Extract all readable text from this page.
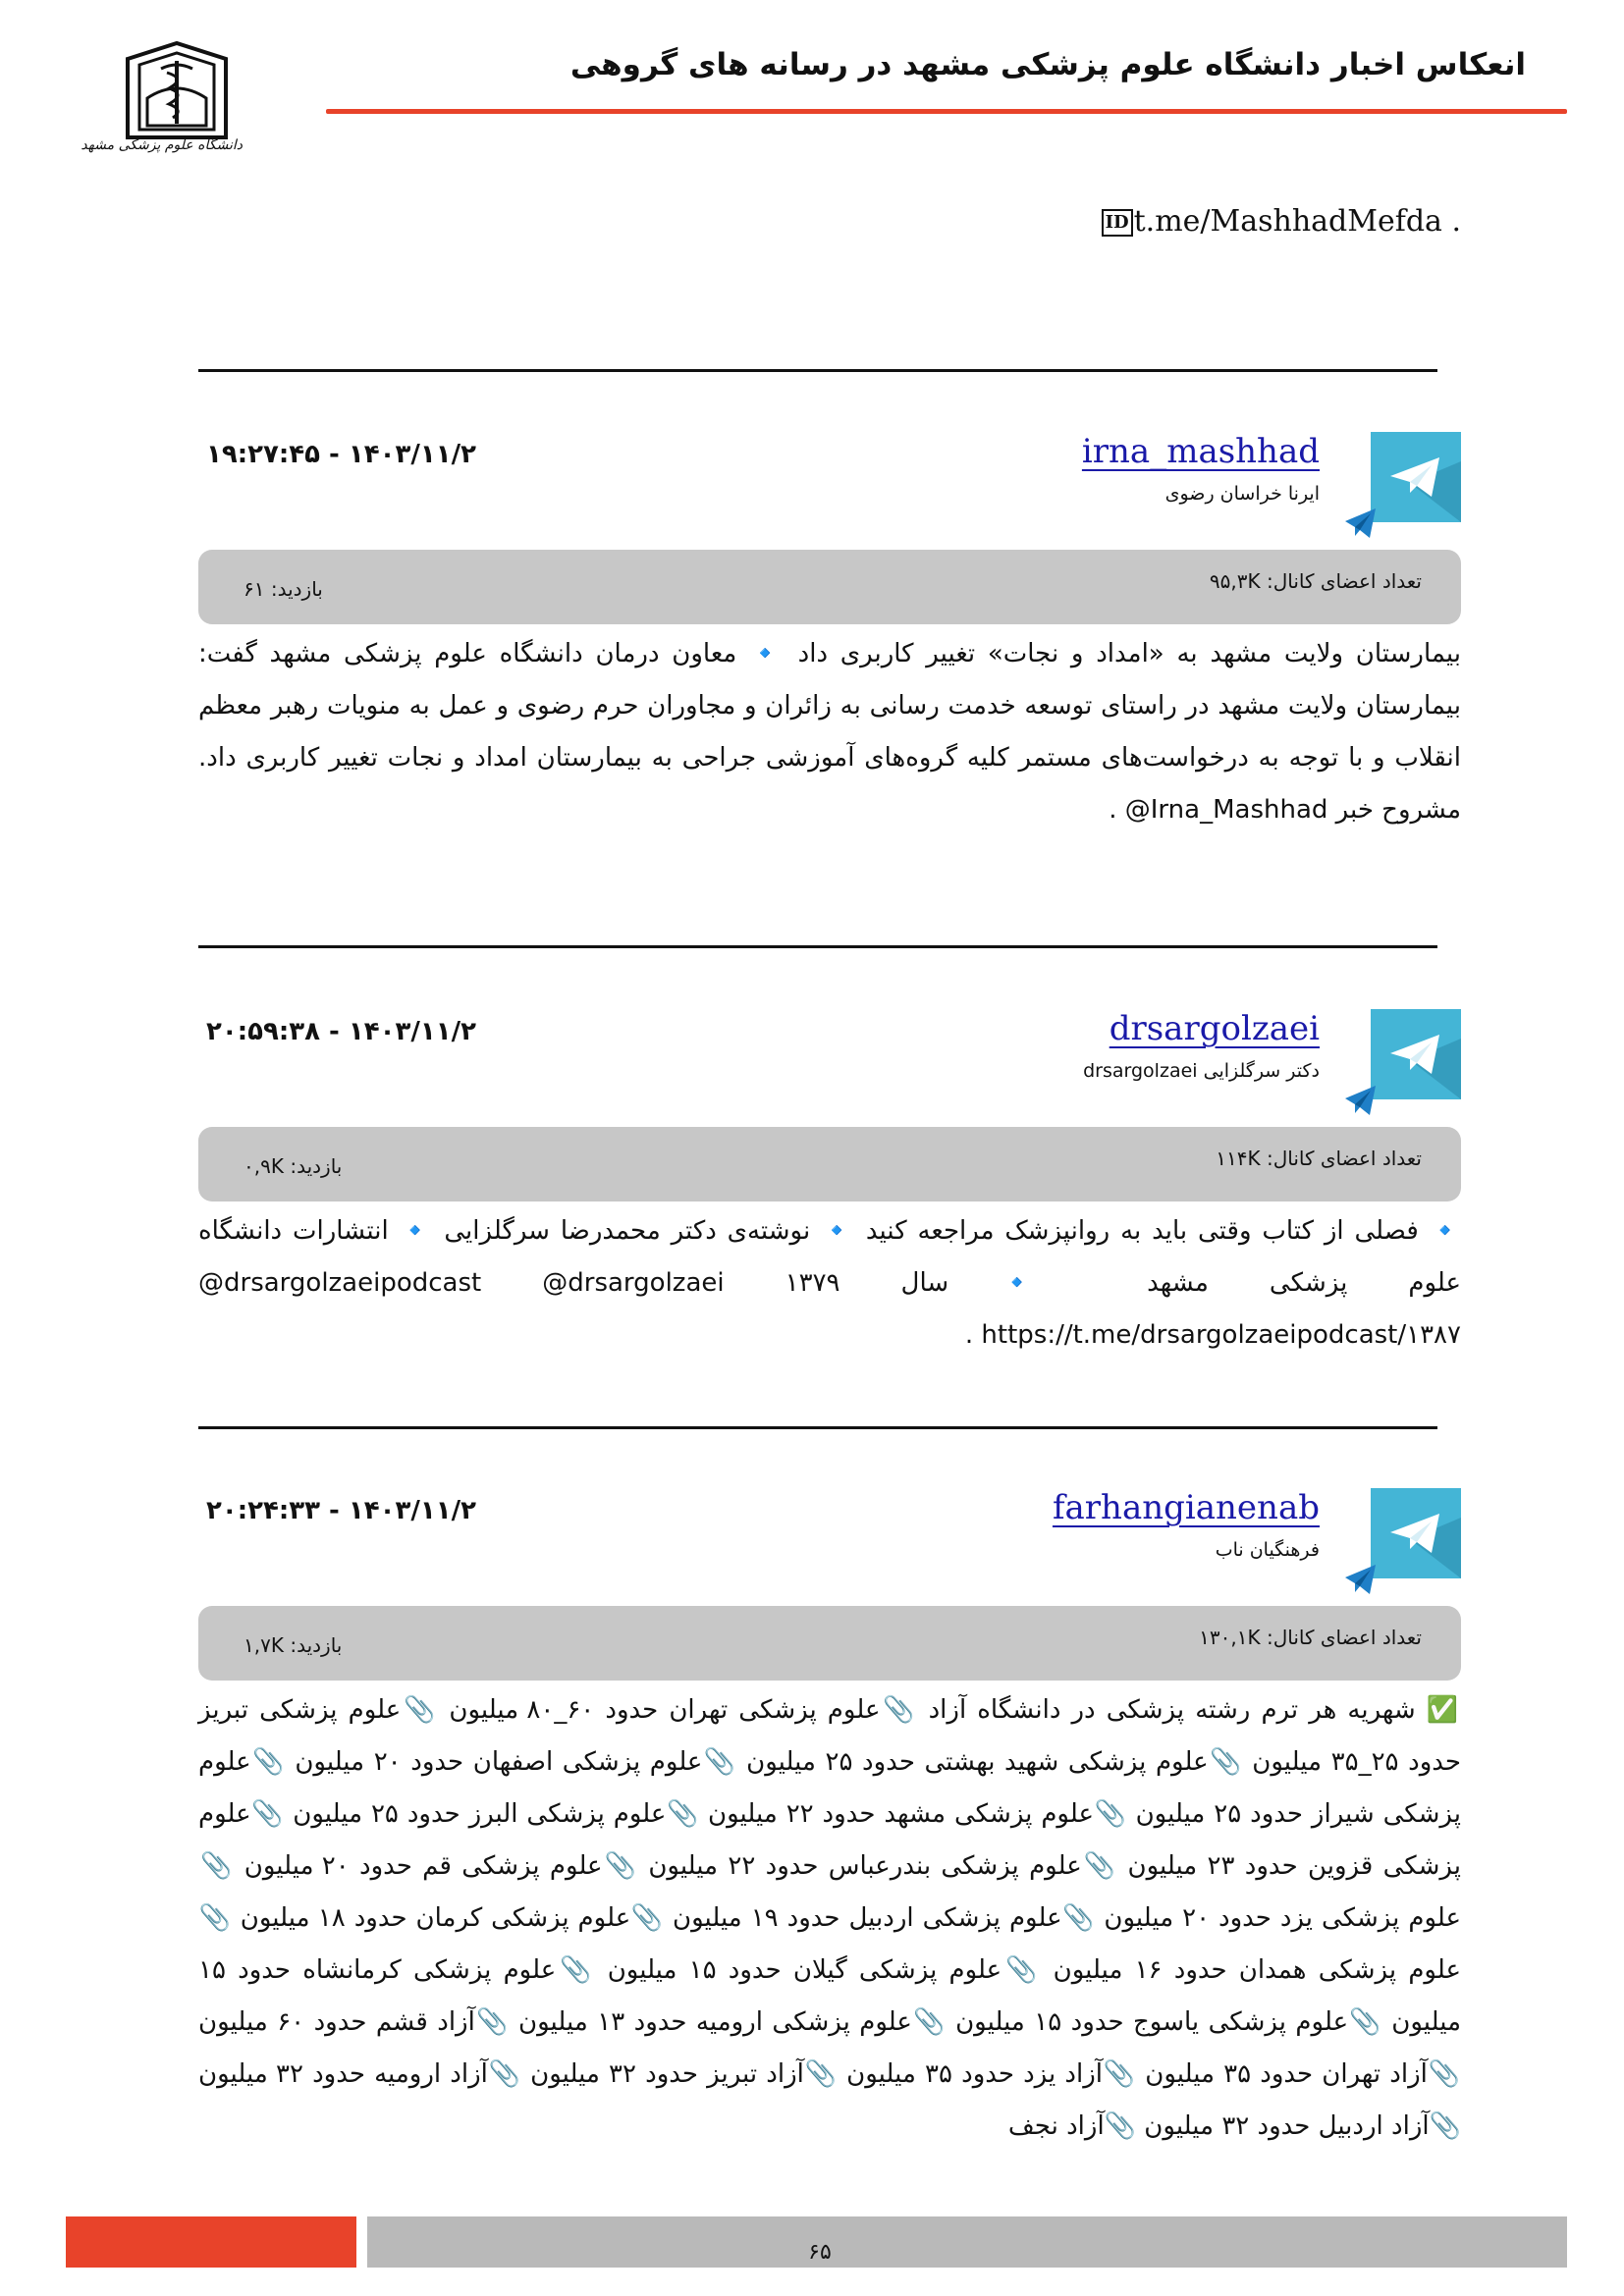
دانشگاه علوم پزشکی مشهد
انعکاس اخبار دانشگاه علوم پزشکی مشهد در رسانه های گروهی
ID t.me/MashhadMefda .
irna_mashhad
ایرنا خراسان رضوی
۱۹:۲۷:۴۵ - ۱۴۰۳/۱۱/۲
تعداد اعضای کانال: ۹۵,۳K
بازدید: ۶۱
بیمارستان ولایت مشهد به «امداد و نجات» تغییر کاربری داد 🔹 معاون درمان دانشگاه علوم پزشکی مشهد گفت: بیمارستان ولایت مشهد در راستای توسعه خدمت رسانی به زائران و مجاوران حرم رضوی و عمل به منویات رهبر معظم انقلاب و با توجه به درخواست‌های مستمر کلیه گروه‌های آموزشی جراحی به بیمارستان امداد و نجات تغییر کاربری داد. مشروح خبر ‎@Irna_Mashhad .
drsargolzaei
دکتر سرگلزایی drsargolzaei
۲۰:۵۹:۳۸ - ۱۴۰۳/۱۱/۲
تعداد اعضای کانال: ۱۱۴K
بازدید: ۰,۹K
🔹 فصلی از کتاب وقتی باید به روانپزشک مراجعه کنید 🔹 نوشته‌ی دکتر محمدرضا سرگلزایی 🔹 انتشارات دانشگاه علوم پزشکی مشهد 🔹سال ۱۳۷۹ ‎@drsargolzaeipodcast @drsargolzaei https://t.me/drsargolzaeipodcast/۱۳۸۷ .
farhangianenab
فرهنگیان ناب
۲۰:۲۴:۳۳ - ۱۴۰۳/۱۱/۲
تعداد اعضای کانال: ۱۳۰,۱K
بازدید: ۱,۷K
✅ شهریه هر ترم رشته پزشکی در دانشگاه آزاد 📎علوم پزشکی تهران حدود ۶۰_۸۰ میلیون 📎علوم پزشکی تبریز حدود ۲۵_۳۵ میلیون 📎علوم پزشکی شهید بهشتی حدود ۲۵ میلیون 📎علوم پزشکی اصفهان حدود ۲۰ میلیون 📎علوم پزشکی شیراز حدود ۲۵ میلیون 📎علوم پزشکی مشهد حدود ۲۲ میلیون 📎علوم پزشکی البرز حدود ۲۵ میلیون 📎علوم پزشکی قزوین حدود ۲۳ میلیون 📎علوم پزشکی بندرعباس حدود ۲۲ میلیون 📎علوم پزشکی قم حدود ۲۰ میلیون 📎علوم پزشکی یزد حدود ۲۰ میلیون 📎علوم پزشکی اردبیل حدود ۱۹ میلیون 📎علوم پزشکی کرمان حدود ۱۸ میلیون 📎علوم پزشکی همدان حدود ۱۶ میلیون 📎علوم پزشکی گیلان حدود ۱۵ میلیون 📎علوم پزشکی کرمانشاه حدود ۱۵ میلیون 📎علوم پزشکی یاسوج حدود ۱۵ میلیون 📎علوم پزشکی ارومیه حدود ۱۳ میلیون 📎آزاد قشم حدود ۶۰ میلیون 📎آزاد تهران حدود ۳۵ میلیون 📎آزاد یزد حدود ۳۵ میلیون 📎آزاد تبریز حدود ۳۲ میلیون 📎آزاد ارومیه حدود ۳۲ میلیون 📎آزاد اردبیل حدود ۳۲ میلیون 📎آزاد نجف
۶۵
